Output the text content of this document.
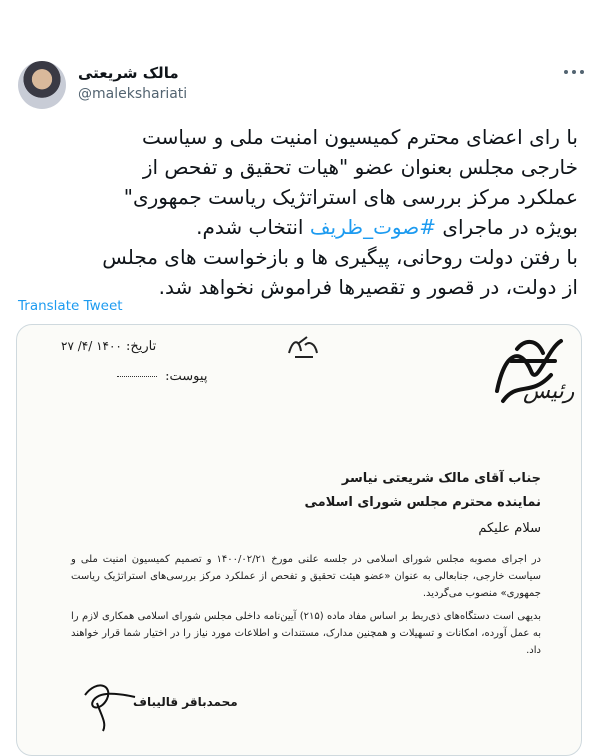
مالک شریعتی
@malekshariati

با رای اعضای محترم کمیسیون امنیت ملی و سیاست

خارجی مجلس بعنوان عضو "هیات تحقیق و تفحص از

عملکرد مرکز بررسی های استراتژیک ریاست جمهوری"

بویژه در ماجرای #صوت_ظریف انتخاب شدم.

با رفتن دولت روحانی، پیگیری ها و بازخواست های مجلس

از دولت، در قصور و تقصیرها فراموش نخواهد شد.

Translate Tweet
تاریخ: ۱۴۰۰ /۴/ ۲۷
پیوست:
رئیس
جناب آقای مالک شریعتی نیاسر
نماینده محترم مجلس شورای اسلامی
سلام علیکم

در اجرای مصوبه مجلس شورای اسلامی در جلسه علنی مورخ ۱۴۰۰/۰۲/۲۱ و تصمیم کمیسیون امنیت ملی و سیاست خارجی، جنابعالی به عنوان «عضو هیئت تحقیق و تفحص از عملکرد مرکز بررسی‌های استراتژیک ریاست جمهوری» منصوب می‌گردید.

بدیهی است دستگاه‌های ذی‌ربط بر اساس مفاد ماده (۲۱۵) آیین‌نامه داخلی مجلس شورای اسلامی همکاری لازم را به عمل آورده، امکانات و تسهیلات و همچنین مدارک، مستندات و اطلاعات مورد نیاز را در اختیار شما قرار خواهند داد.

محمدباقر قالیباف
